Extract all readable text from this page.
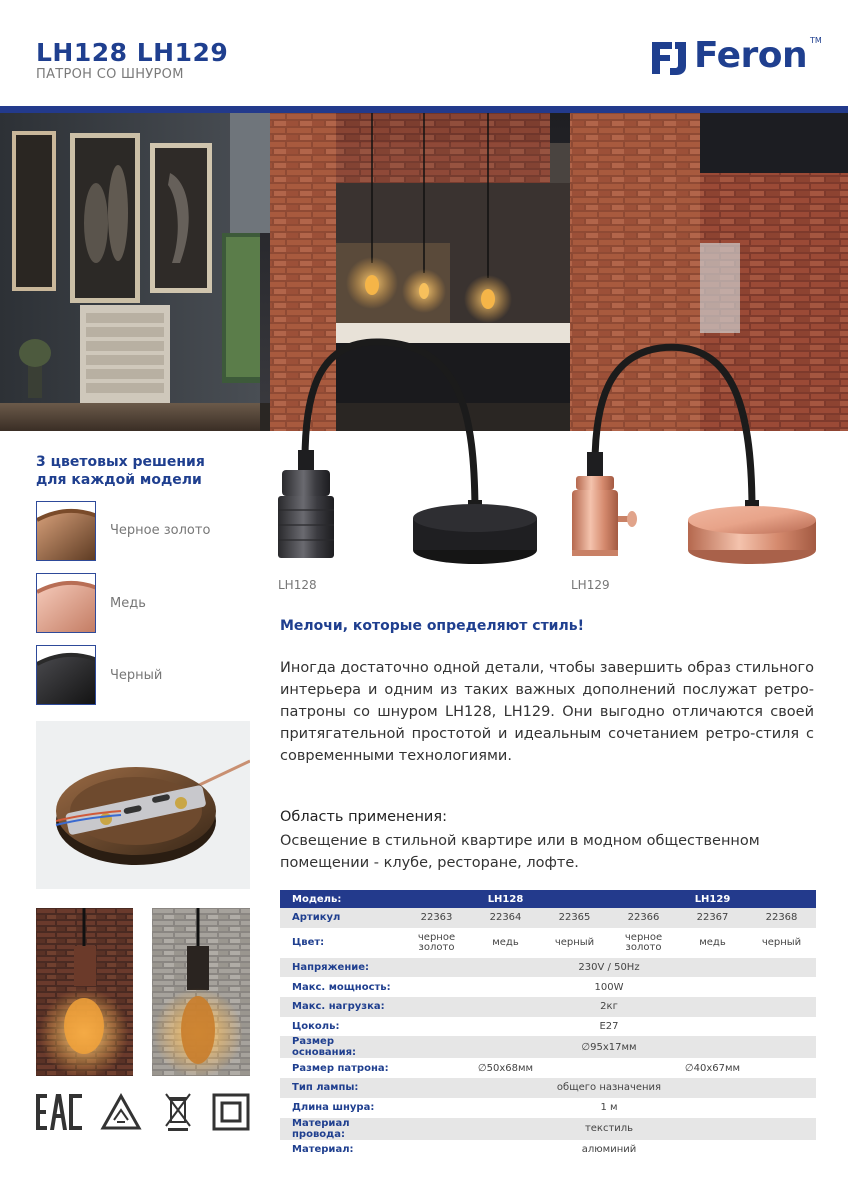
LH128 LH129
ПАТРОН СО ШНУРОМ	Feron TM
LH128	LH129
3 цветовых решения
для каждой модели
Черное золото
Медь
Черный
Мелочи, которые определяют стиль!
Иногда достаточно одной детали, чтобы завершить образ стильного интерьера и одним из таких важных дополнений послужат ретро-патроны со шнуром LH128, LH129. Они выгодно отличаются своей притягательной простотой и идеальным сочетанием ретро-стиля с современными технологиями.
Область применения:
Освещение в стильной квартире или в модном общественном помещении - клубе, ресторане, лофте.
Модель:	LH128			LH129		
Артикул	22363	22364	22365	22366	22367	22368
Цвет:	черное золото	медь	черный	черное золото	медь	черный
Напряжение:	230V / 50Hz					
Макс. мощность:	100W					
Макс. нагрузка:	2кг					
Цоколь:	E27					
Размер основания:	∅95x17мм					
Размер патрона:	∅50x68мм			∅40x67мм		
Тип лампы:	общего назначения					
Длина шнура:	1 м					
Материал провода:	текстиль					
Материал:	алюминий					
